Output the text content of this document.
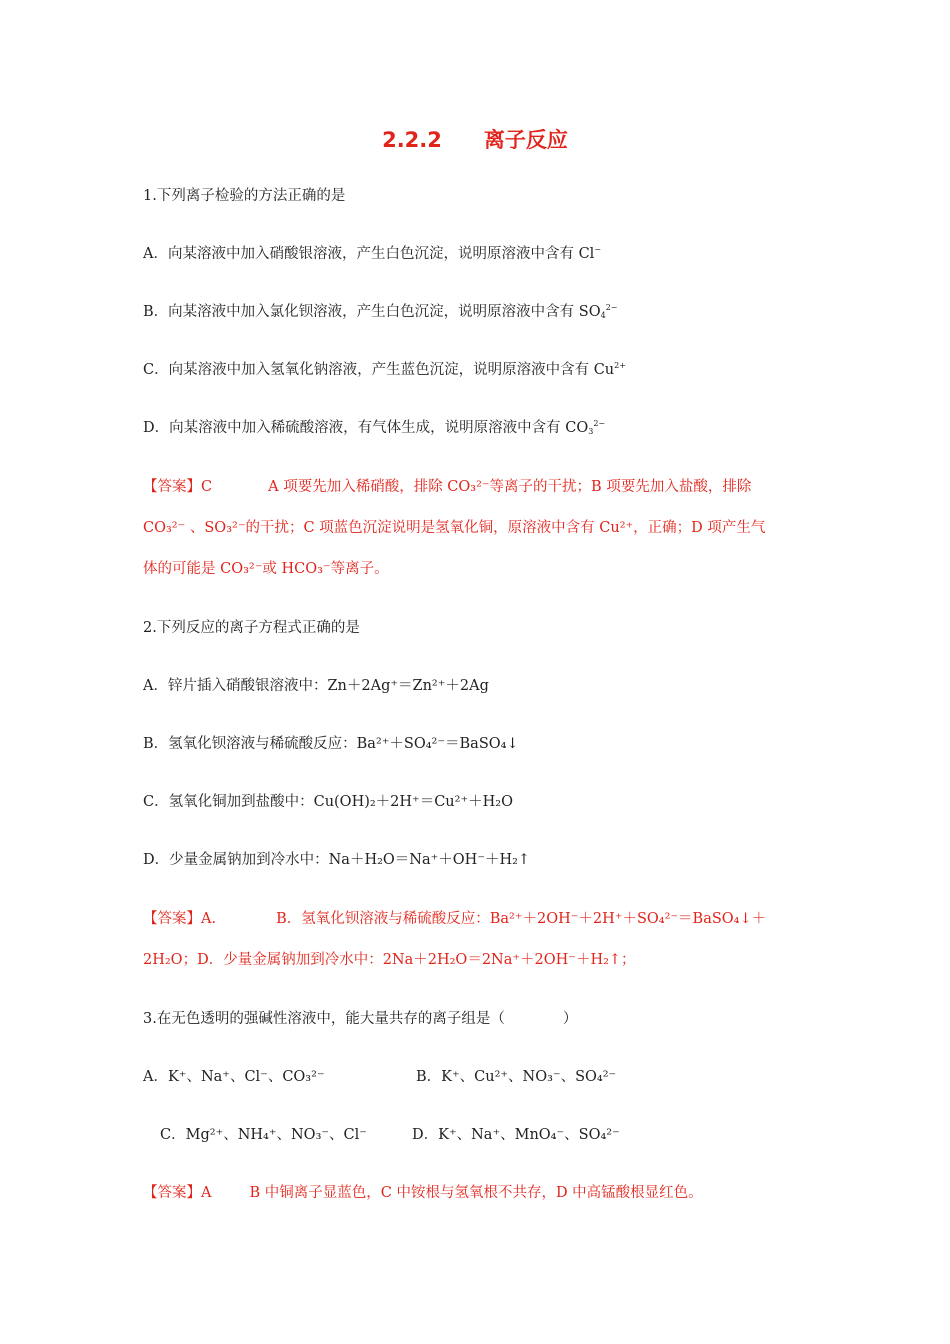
2.2.2　　离子反应
1.下列离子检验的方法正确的是
A．向某溶液中加入硝酸银溶液，产生白色沉淀，说明原溶液中含有 Cl−
B．向某溶液中加入氯化钡溶液，产生白色沉淀，说明原溶液中含有 $SO_4^{2-}$
C．向某溶液中加入氢氧化钠溶液，产生蓝色沉淀，说明原溶液中含有 $Cu^{2+}$
D．向某溶液中加入稀硫酸溶液，有气体生成，说明原溶液中含有 $CO_3^{2-}$
【答案】C	A 项要先加入稀硝酸，排除 CO₃²⁻等离子的干扰；B 项要先加入盐酸，排除
CO₃²⁻ 、SO₃²⁻的干扰；C 项蓝色沉淀说明是氢氧化铜，原溶液中含有 Cu²⁺，正确；D 项产生气
体的可能是 CO₃²⁻或 HCO₃⁻等离子。
2.下列反应的离子方程式正确的是
A．锌片插入硝酸银溶液中：Zn＋2Ag⁺＝Zn²⁺＋2Ag
B．氢氧化钡溶液与稀硫酸反应：Ba²⁺＋SO₄²⁻＝BaSO₄↓
C．氢氧化铜加到盐酸中：Cu(OH)₂＋2H⁺＝Cu²⁺＋H₂O
D．少量金属钠加到冷水中：Na＋H₂O＝Na⁺＋OH⁻＋H₂↑
【答案】A.	B．氢氧化钡溶液与稀硫酸反应：Ba²⁺＋2OH⁻＋2H⁺＋SO₄²⁻＝BaSO₄↓＋
2H₂O；D．少量金属钠加到冷水中：2Na＋2H₂O＝2Na⁺＋2OH⁻＋H₂↑；
3.在无色透明的强碱性溶液中，能大量共存的离子组是（　　　　）
A．K⁺、Na⁺、Cl⁻、CO₃²⁻	B．K⁺、Cu²⁺、NO₃⁻、SO₄²⁻
C．Mg²⁺、NH₄⁺、NO₃⁻、Cl⁻	D．K⁺、Na⁺、MnO₄⁻、SO₄²⁻
【答案】A	B 中铜离子显蓝色，C 中铵根与氢氧根不共存，D 中高锰酸根显红色。
